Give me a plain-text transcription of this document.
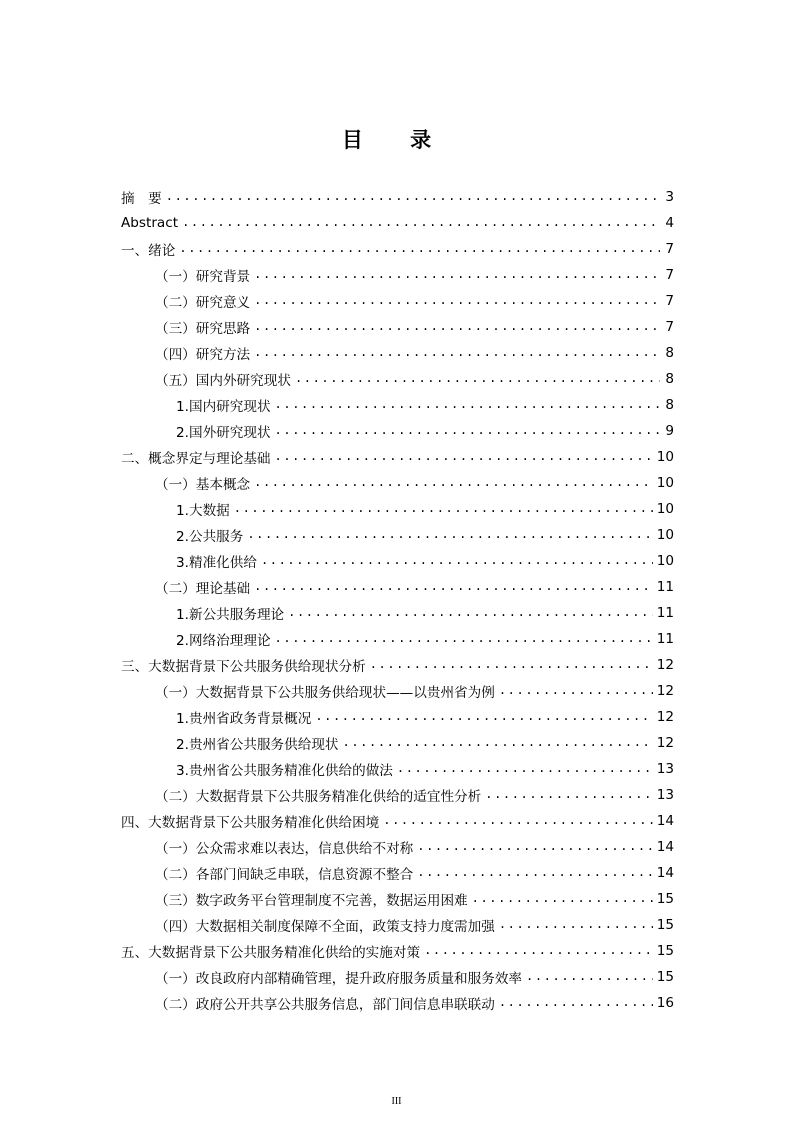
目 录
摘　要 .....	3
Abstract .....	4
一、绪论 .....	7
（一）研究背景 .....	7
（二）研究意义 .....	7
（三）研究思路 .....	7
（四）研究方法 .....	8
（五）国内外研究现状 .....	8
1.国内研究现状 .....	8
2.国外研究现状 .....	9
二、概念界定与理论基础 .....	10
（一）基本概念 .....	10
1.大数据 .....	10
2.公共服务 .....	10
3.精准化供给 .....	10
（二）理论基础 .....	11
1.新公共服务理论 .....	11
2.网络治理理论 .....	11
三、大数据背景下公共服务供给现状分析 .....	12
（一）大数据背景下公共服务供给现状——以贵州省为例 .....	12
1.贵州省政务背景概况 .....	12
2.贵州省公共服务供给现状 .....	12
3.贵州省公共服务精准化供给的做法 .....	13
（二）大数据背景下公共服务精准化供给的适宜性分析 .....	13
四、大数据背景下公共服务精准化供给困境 .....	14
（一）公众需求难以表达，信息供给不对称 .....	14
（二）各部门间缺乏串联，信息资源不整合 .....	14
（三）数字政务平台管理制度不完善，数据运用困难 .....	15
（四）大数据相关制度保障不全面，政策支持力度需加强 .....	15
五、大数据背景下公共服务精准化供给的实施对策 .....	15
（一）改良政府内部精确管理，提升政府服务质量和服务效率 .....	15
（二）政府公开共享公共服务信息，部门间信息串联联动 .....	16
III
